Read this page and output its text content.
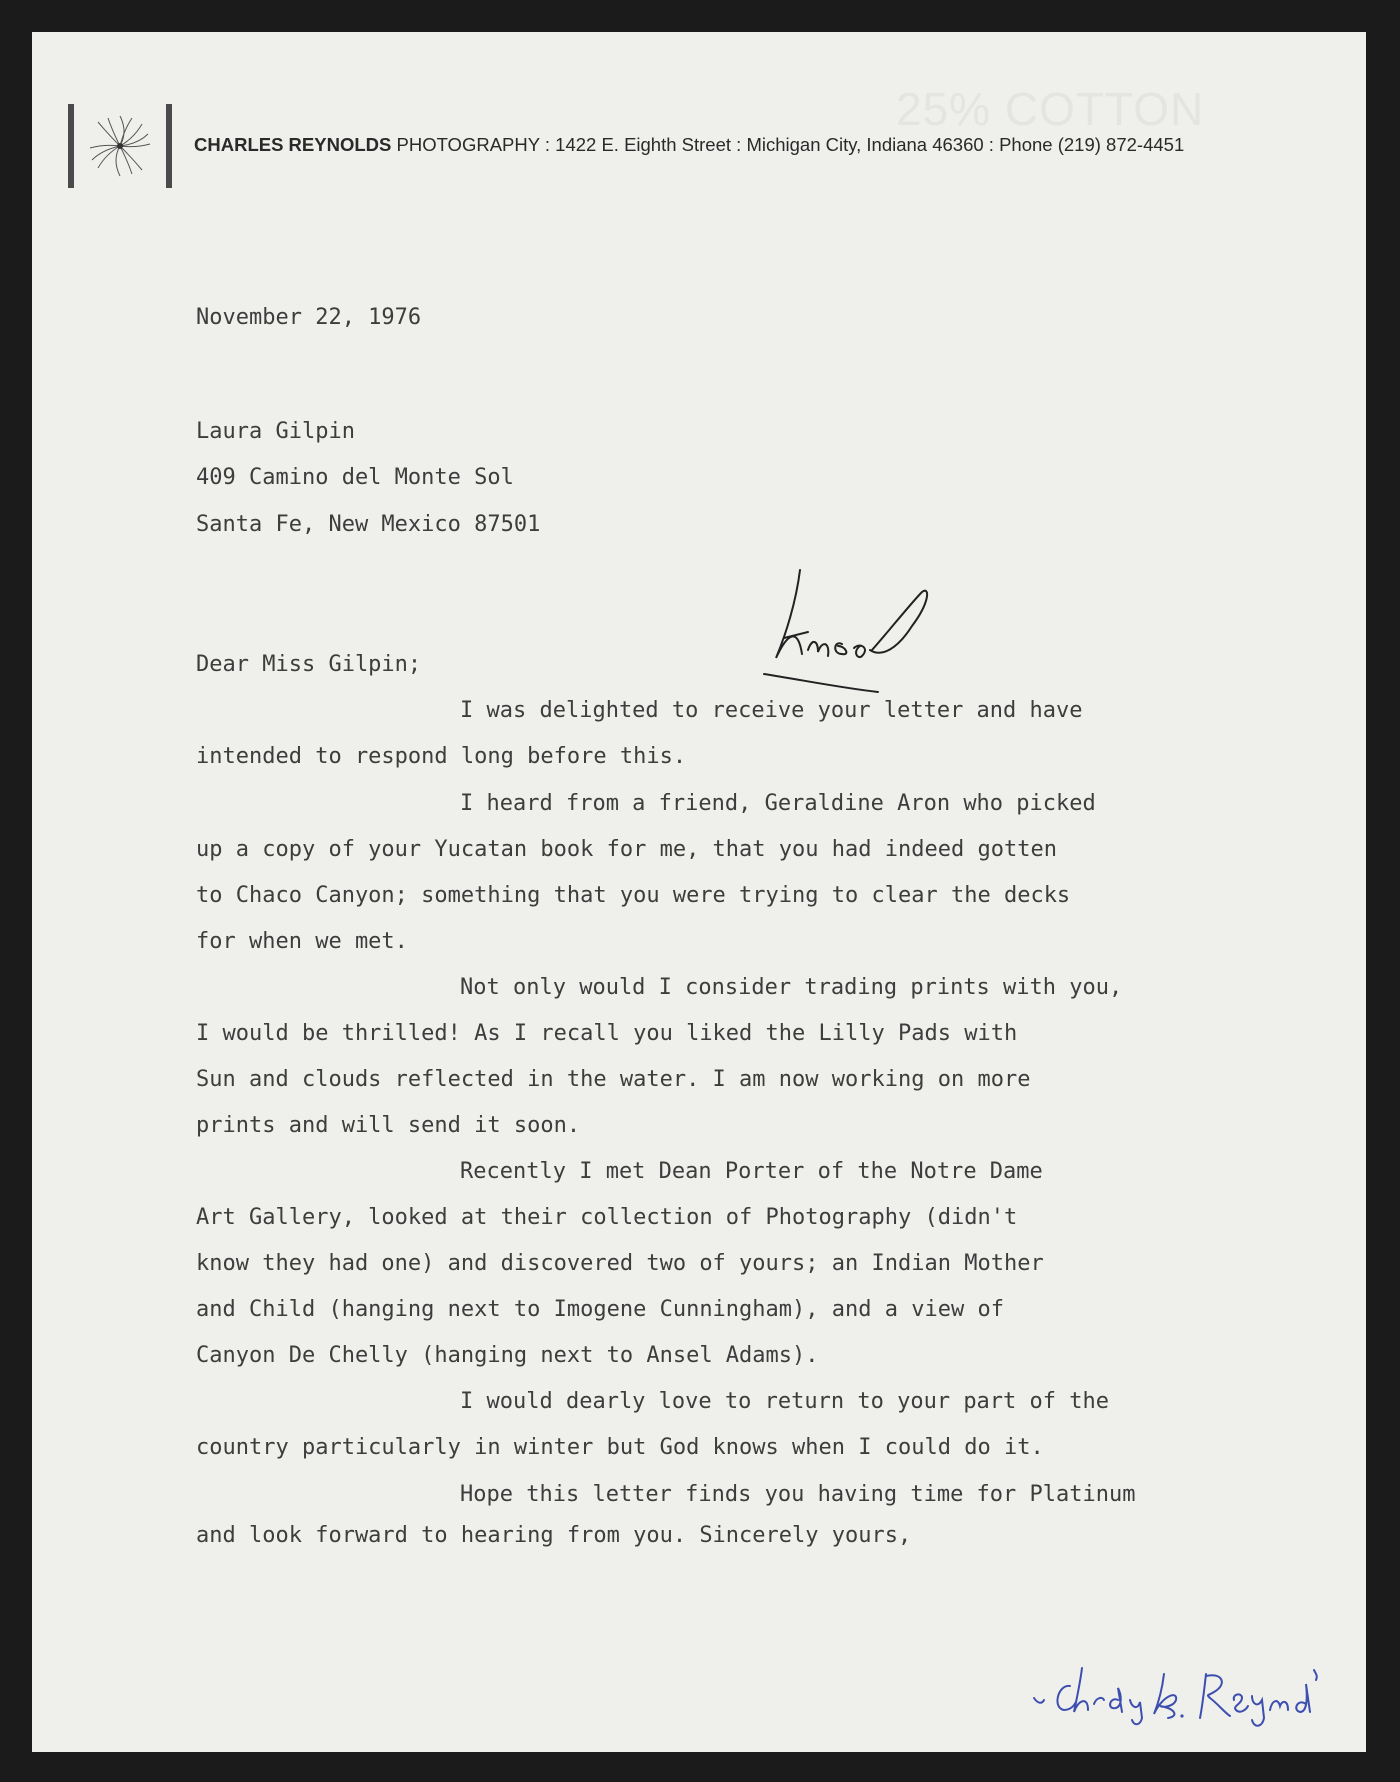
25% COTTON
CHARLES REYNOLDS PHOTOGRAPHY : 1422 E. Eighth Street : Michigan City, Indiana 46360 : Phone (219) 872-4451
November 22, 1976
Laura Gilpin
409 Camino del Monte Sol
Santa Fe, New Mexico 87501
Dear Miss Gilpin;
I was delighted to receive your letter and have
intended to respond long before this.
I heard from a friend, Geraldine Aron who picked
up a copy of your Yucatan book for me, that you had indeed gotten
to Chaco Canyon; something that you were trying to clear the decks
for when we met.
Not only would I consider trading prints with you,
I would be thrilled! As I recall you liked the Lilly Pads with
Sun and clouds reflected in the water. I am now working on more
prints and will send it soon.
Recently I met Dean Porter of the Notre Dame
Art Gallery, looked at their collection of Photography (didn't
know they had one) and discovered two of yours; an Indian Mother
and Child (hanging next to Imogene Cunningham), and a view of
Canyon De Chelly (hanging next to Ansel Adams).
I would dearly love to return to your part of the
country particularly in winter but God knows when I could do it.
Hope this letter finds you having time for Platinum
and look forward to hearing from you. Sincerely yours,
